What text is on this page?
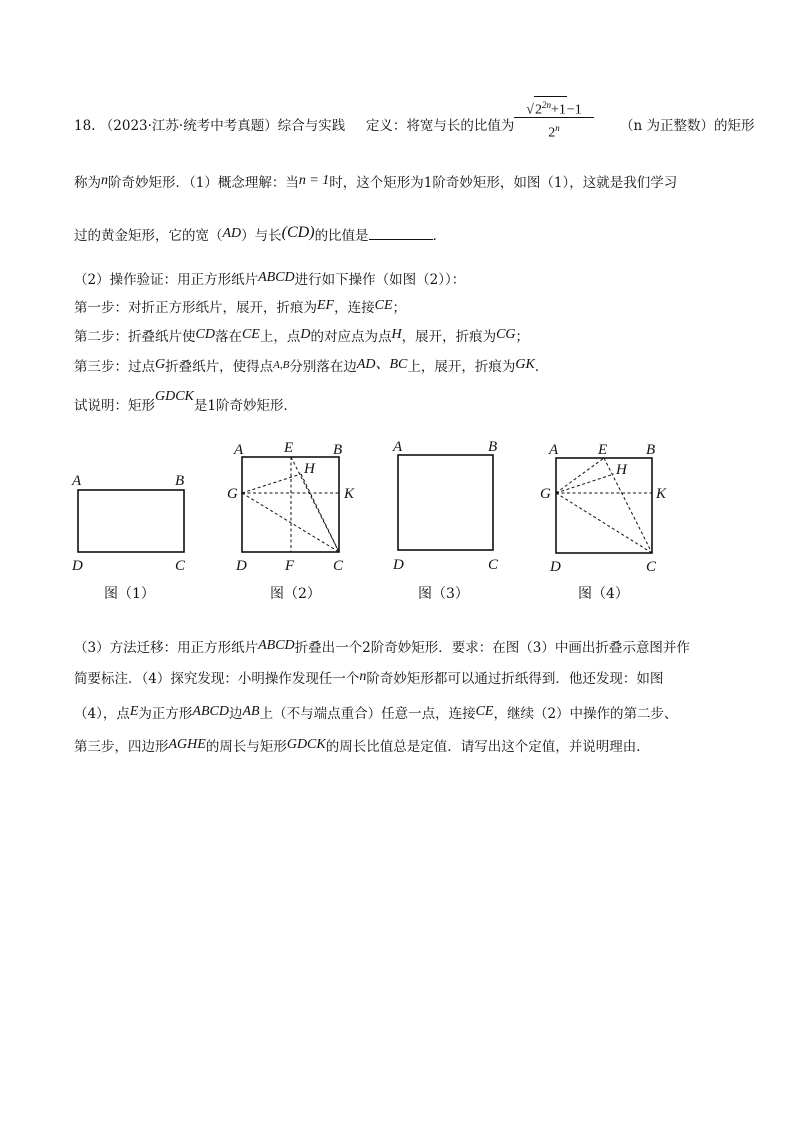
18. （2023·江苏·统考中考真题）综合与实践 定义：将宽与长的比值为
$√2^{2n}+1-1$
2$^n$	（n 为正整数）的矩形
称为n阶奇妙矩形．（1）概念理解：当n = 1时，这个矩形为1阶奇妙矩形，如图（1），这就是我们学习
过的黄金矩形，它的宽（AD）与长(CD)的比值是	．
（2）操作验证：用正方形纸片ABCD进行如下操作（如图（2））：
第一步：对折正方形纸片，展开，折痕为EF，连接CE；
第二步：折叠纸片使CD落在CE上，点D的对应点为点H，展开，折痕为CG；
第三步：过点G折叠纸片，使得点$^{A,B}$分别落在边AD、BC上，展开，折痕为GK．
试说明：矩形GDCK是1阶奇妙矩形．
A	B
D	C
A	E	B
H
G	K
D	F	C
A	B
D	C
A	E	B
H
G	K
D	C
图（1）	图（2）	图（3）	图（4）
（3）方法迁移：用正方形纸片ABCD折叠出一个2阶奇妙矩形．要求：在图（3）中画出折叠示意图并作
简要标注．（4）探究发现：小明操作发现任一个n阶奇妙矩形都可以通过折纸得到．他还发现：如图
（4），点E为正方形ABCD边AB上（不与端点重合）任意一点，连接CE，继续（2）中操作的第二步、
第三步，四边形AGHE的周长与矩形GDCK的周长比值总是定值．请写出这个定值，并说明理由．
